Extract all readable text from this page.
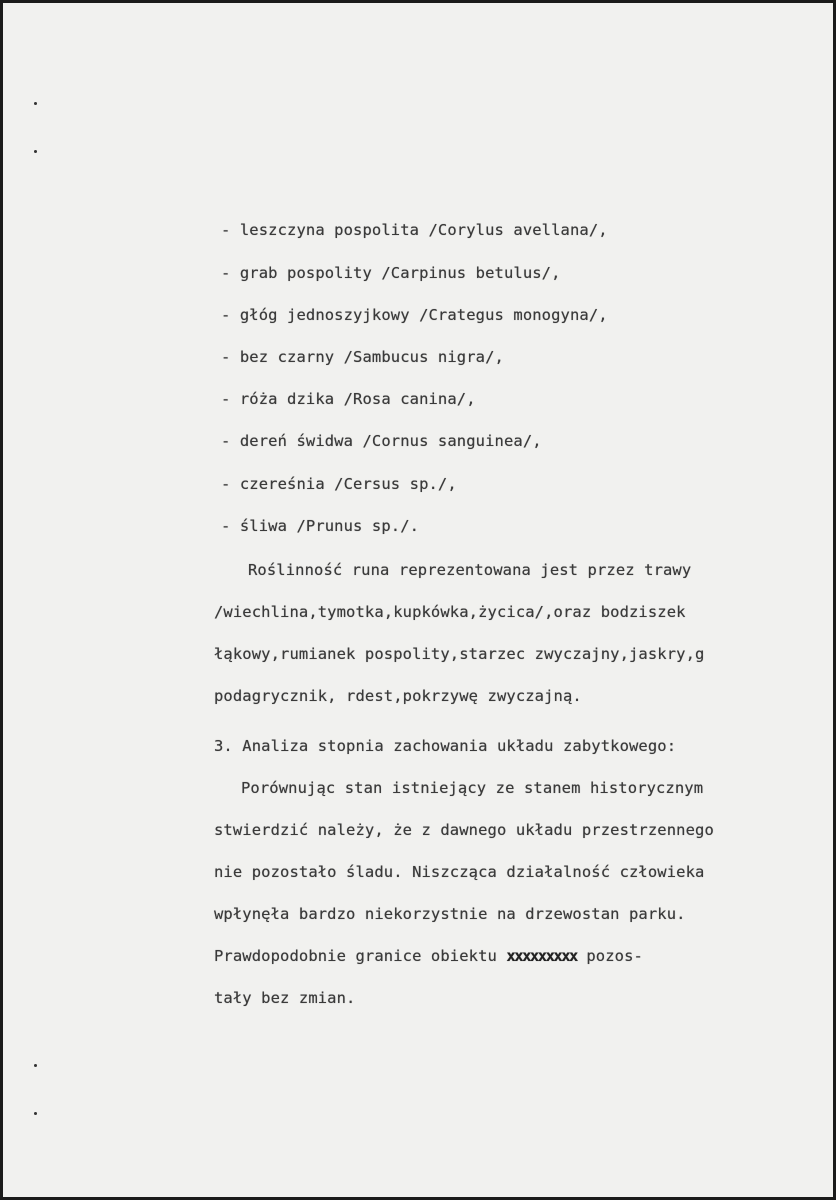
- leszczyna pospolita /Corylus avellana/,
- grab pospolity /Carpinus betulus/,
- głóg jednoszyjkowy /Crategus monogyna/,
- bez czarny /Sambucus nigra/,
- róża dzika /Rosa canina/,
- dereń świdwa /Cornus sanguinea/,
- czereśnia /Cersus sp./,
- śliwa /Prunus sp./.
Roślinność runa reprezentowana jest przez trawy
/wiechlina,tymotka,kupkówka,życica/,oraz bodziszek
łąkowy,rumianek pospolity,starzec zwyczajny,jaskry,g
podagrycznik, rdest,pokrzywę zwyczajną.
3. Analiza stopnia zachowania układu zabytkowego:
Porównując stan istniejący ze stanem historycznym
stwierdzić należy, że z dawnego układu przestrzennego
nie pozostało śladu. Niszcząca działalność człowieka
wpłynęła bardzo niekorzystnie na drzewostan parku.
Prawdopodobnie granice obiektu xxxxxxxxx pozos-
tały bez zmian.
